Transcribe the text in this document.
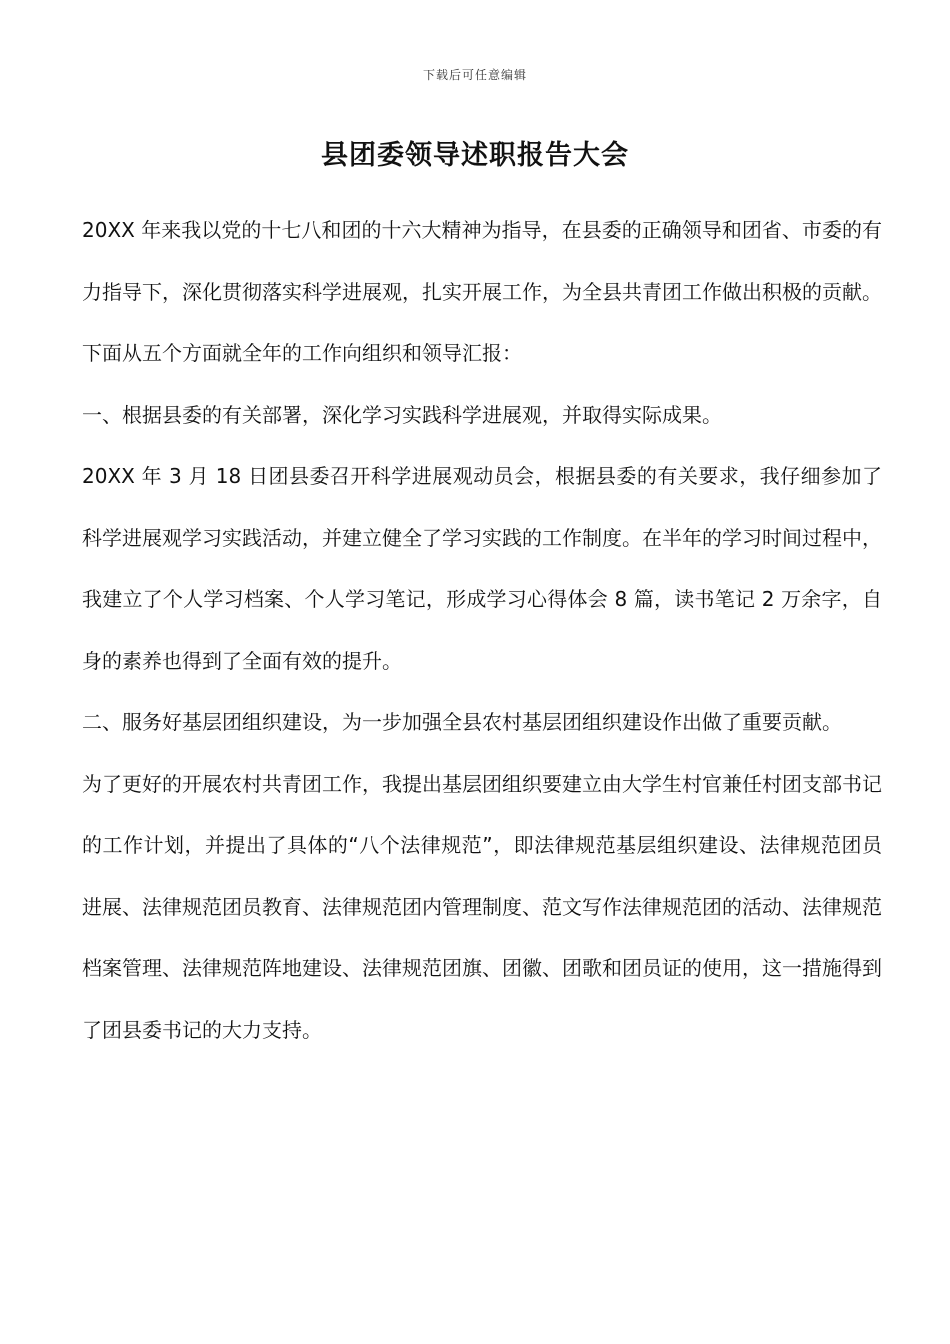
下载后可任意编辑
县团委领导述职报告大会

20XX 年来我以党的十七八和团的十六大精神为指导，在县委的正确领导和团省、市委的有力指导下，深化贯彻落实科学进展观，扎实开展工作，为全县共青团工作做出积极的贡献。

下面从五个方面就全年的工作向组织和领导汇报：

一、根据县委的有关部署，深化学习实践科学进展观，并取得实际成果。

20XX 年 3 月 18 日团县委召开科学进展观动员会，根据县委的有关要求，我仔细参加了科学进展观学习实践活动，并建立健全了学习实践的工作制度。在半年的学习时间过程中，我建立了个人学习档案、个人学习笔记，形成学习心得体会 8 篇，读书笔记 2 万余字，自身的素养也得到了全面有效的提升。

二、服务好基层团组织建设，为一步加强全县农村基层团组织建设作出做了重要贡献。

为了更好的开展农村共青团工作，我提出基层团组织要建立由大学生村官兼任村团支部书记的工作计划，并提出了具体的“八个法律规范”，即法律规范基层组织建设、法律规范团员进展、法律规范团员教育、法律规范团内管理制度、范文写作法律规范团的活动、法律规范档案管理、法律规范阵地建设、法律规范团旗、团徽、团歌和团员证的使用，这一措施得到了团县委书记的大力支持。
